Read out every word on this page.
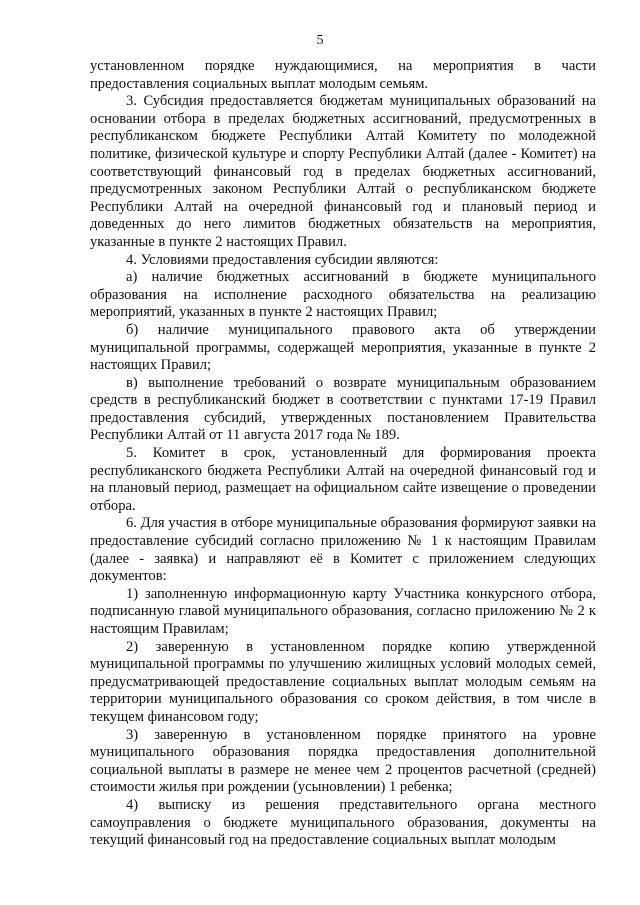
5

установленном порядке нуждающимися, на мероприятия в части предоставления социальных выплат молодым семьям.

3. Субсидия предоставляется бюджетам муниципальных образований на основании отбора в пределах бюджетных ассигнований, предусмотренных в республиканском бюджете Республики Алтай Комитету по молодежной политике, физической культуре и спорту Республики Алтай (далее - Комитет) на соответствующий финансовый год в пределах бюджетных ассигнований, предусмотренных законом Республики Алтай о республиканском бюджете Республики Алтай на очередной финансовый год и плановый период и доведенных до него лимитов бюджетных обязательств на мероприятия, указанные в пункте 2 настоящих Правил.

4. Условиями предоставления субсидии являются:

а) наличие бюджетных ассигнований в бюджете муниципального образования на исполнение расходного обязательства на реализацию мероприятий, указанных в пункте 2 настоящих Правил;

б) наличие муниципального правового акта об утверждении муниципальной программы, содержащей мероприятия, указанные в пункте 2 настоящих Правил;

в) выполнение требований о возврате муниципальным образованием средств в республиканский бюджет в соответствии с пунктами 17-19 Правил предоставления субсидий, утвержденных постановлением Правительства Республики Алтай от 11 августа 2017 года № 189.

5. Комитет в срок, установленный для формирования проекта республиканского бюджета Республики Алтай на очередной финансовый год и на плановый период, размещает на официальном сайте извещение о проведении отбора.

6. Для участия в отборе муниципальные образования формируют заявки на предоставление субсидий согласно приложению № 1 к настоящим Правилам (далее - заявка) и направляют её в Комитет с приложением следующих документов:

1) заполненную информационную карту Участника конкурсного отбора, подписанную главой муниципального образования, согласно приложению № 2 к настоящим Правилам;

2) заверенную в установленном порядке копию утвержденной муниципальной программы по улучшению жилищных условий молодых семей, предусматривающей предоставление социальных выплат молодым семьям на территории муниципального образования со сроком действия, в том числе в текущем финансовом году;

3) заверенную в установленном порядке принятого на уровне муниципального образования порядка предоставления дополнительной социальной выплаты в размере не менее чем 2 процентов расчетной (средней) стоимости жилья при рождении (усыновлении) 1 ребенка;

4) выписку из решения представительного органа местного самоуправления о бюджете муниципального образования, документы на текущий финансовый год на предоставление социальных выплат молодым
